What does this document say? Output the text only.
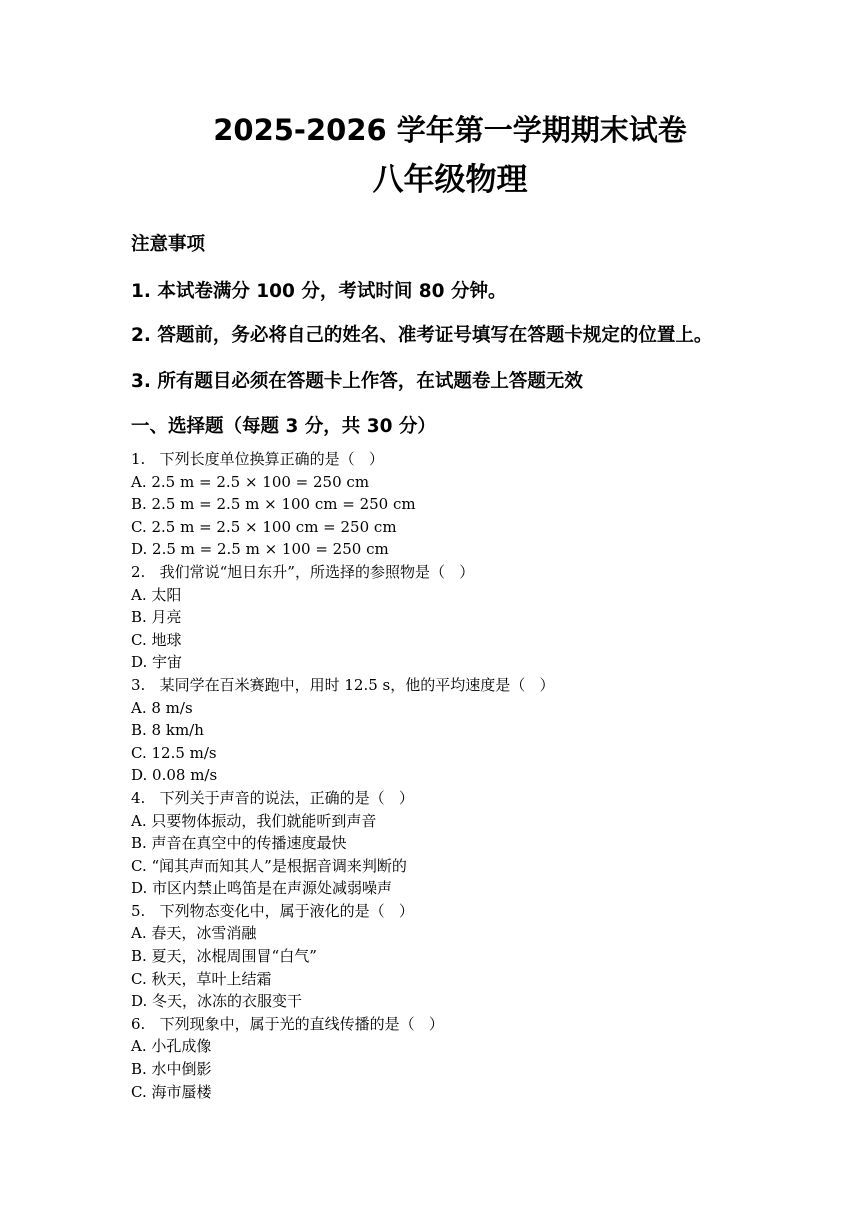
2025-2026 学年第一学期期末试卷
八年级物理

注意事项

1. 本试卷满分 100 分，考试时间 80 分钟。

2. 答题前，务必将自己的姓名、准考证号填写在答题卡规定的位置上。

3. 所有题目必须在答题卡上作答，在试题卷上答题无效

一、选择题（每题 3 分，共 30 分）

1.   下列长度单位换算正确的是（   ）
A. 2.5 m = 2.5 × 100 = 250 cm
B. 2.5 m = 2.5 m × 100 cm = 250 cm
C. 2.5 m = 2.5 × 100 cm = 250 cm
D. 2.5 m = 2.5 m × 100 = 250 cm
2.   我们常说“旭日东升”，所选择的参照物是（   ）
A. 太阳
B. 月亮
C. 地球
D. 宇宙
3.   某同学在百米赛跑中，用时 12.5 s，他的平均速度是（   ）
A. 8 m/s
B. 8 km/h
C. 12.5 m/s
D. 0.08 m/s
4.   下列关于声音的说法，正确的是（   ）
A. 只要物体振动，我们就能听到声音
B. 声音在真空中的传播速度最快
C. “闻其声而知其人”是根据音调来判断的
D. 市区内禁止鸣笛是在声源处减弱噪声
5.   下列物态变化中，属于液化的是（   ）
A. 春天，冰雪消融
B. 夏天，冰棍周围冒“白气”
C. 秋天，草叶上结霜
D. 冬天，冰冻的衣服变干
6.   下列现象中，属于光的直线传播的是（   ）
A. 小孔成像
B. 水中倒影
C. 海市蜃楼
